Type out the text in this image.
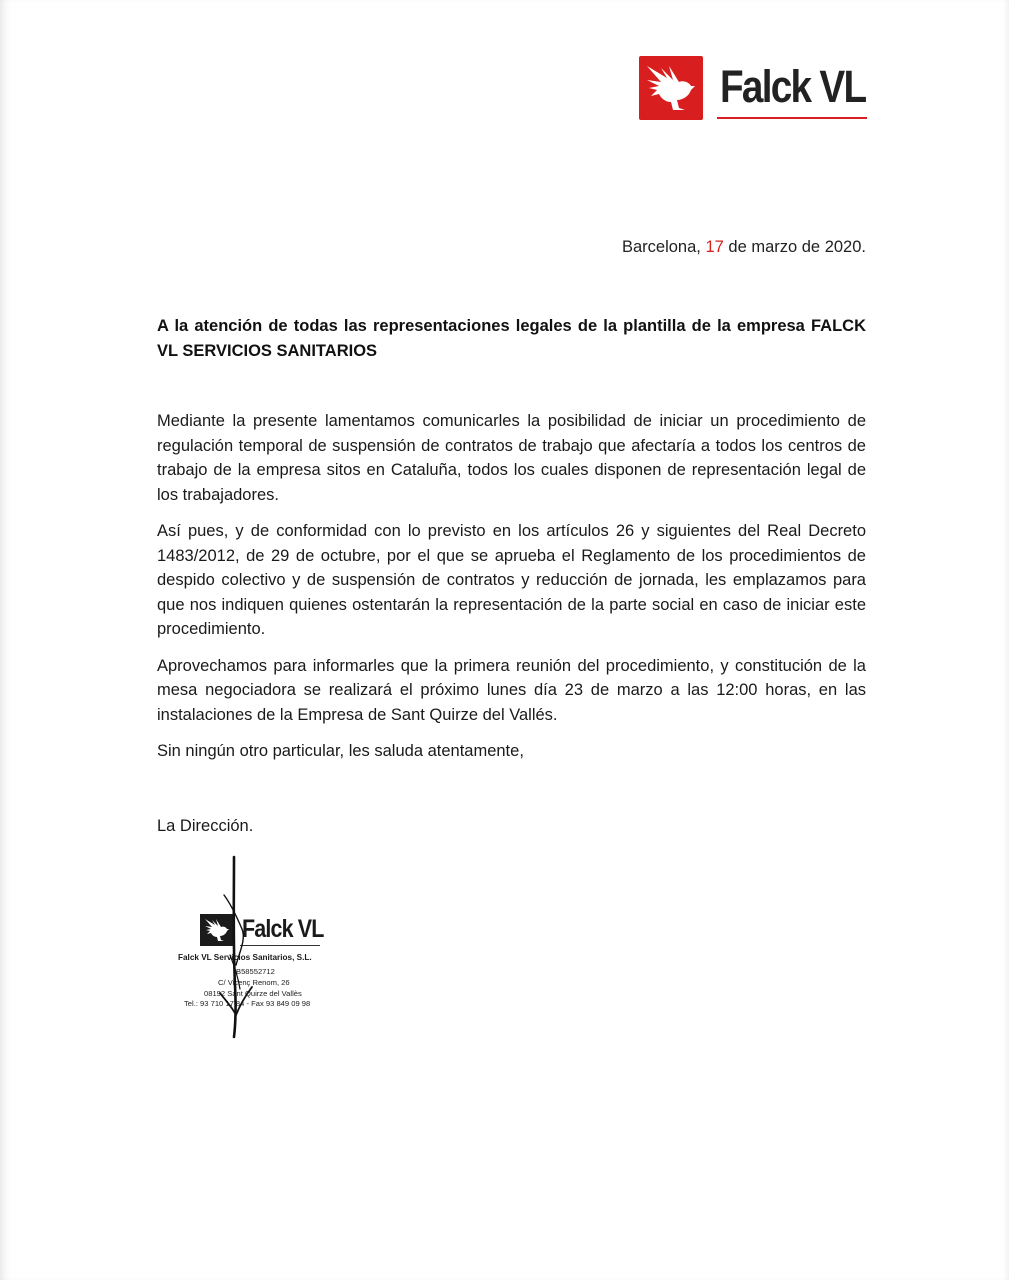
Falck VL
Barcelona, 17 de marzo de 2020.
A la atención de todas las representaciones legales de la plantilla de la empresa FALCK VL SERVICIOS SANITARIOS

Mediante la presente lamentamos comunicarles la posibilidad de iniciar un procedimiento de regulación temporal de suspensión de contratos de trabajo que afectaría a todos los centros de trabajo de la empresa sitos en Cataluña, todos los cuales disponen de representación legal de los trabajadores.

Así pues, y de conformidad con lo previsto en los artículos 26 y siguientes del Real Decreto 1483/2012, de 29 de octubre, por el que se aprueba el Reglamento de los procedimientos de despido colectivo y de suspensión de contratos y reducción de jornada, les emplazamos para que nos indiquen quienes ostentarán la representación de la parte social en caso de iniciar este procedimiento.

Aprovechamos para informarles que la primera reunión del procedimiento, y constitución de la mesa negociadora se realizará el próximo lunes día 23 de marzo a las 12:00 horas, en las instalaciones de la Empresa de Sant Quirze del Vallés.

Sin ningún otro particular, les saluda atentamente,

La Dirección.
Falck VL
Falck VL Servicios Sanitarios, S.L.
B58552712
C/ Vicenç Renom, 26
08192 Sant Quirze del Vallès
Tel.: 93 710 17 84 - Fax 93 849 09 98
